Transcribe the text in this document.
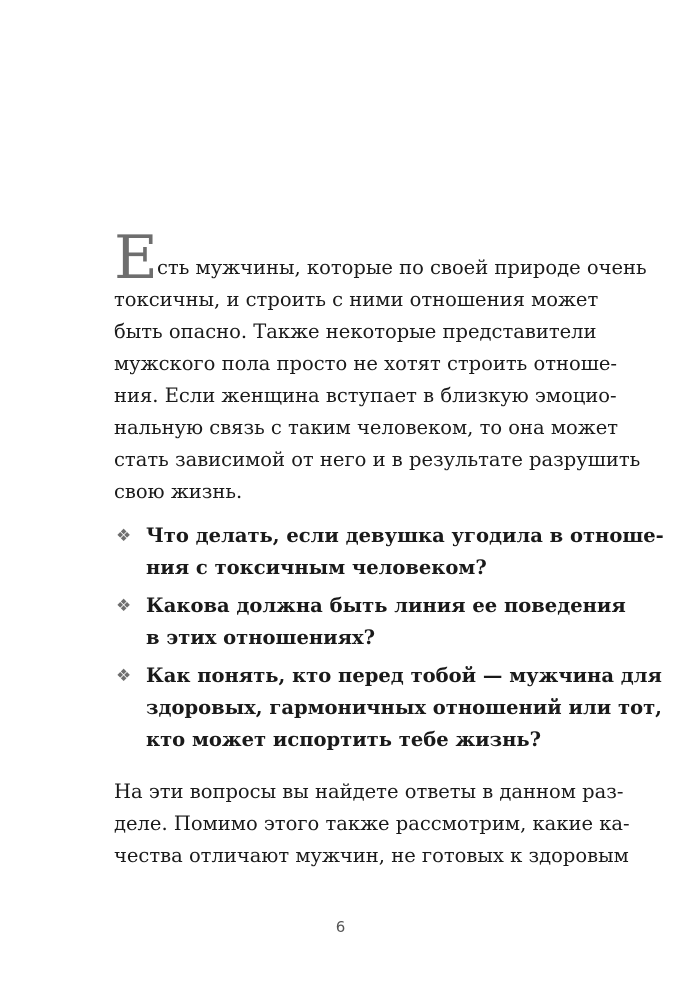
Е сть мужчины, которые по своей природе очень
токсичны, и строить с ними отношения может
быть опасно. Также некоторые представители
мужского пола просто не хотят строить отноше-
ния. Если женщина вступает в близкую эмоцио-
нальную связь с таким человеком, то она может
стать зависимой от него и в результате разрушить
свою жизнь.
❖ Что делать, если девушка угодила в отноше-
ния с токсичным человеком?
❖ Какова должна быть линия ее поведения
в этих отношениях?
❖ Как понять, кто перед тобой — мужчина для
здоровых, гармоничных отношений или тот,
кто может испортить тебе жизнь?
На эти вопросы вы найдете ответы в данном раз-
деле. Помимо этого также рассмотрим, какие ка-
чества отличают мужчин, не готовых к здоровым
6
